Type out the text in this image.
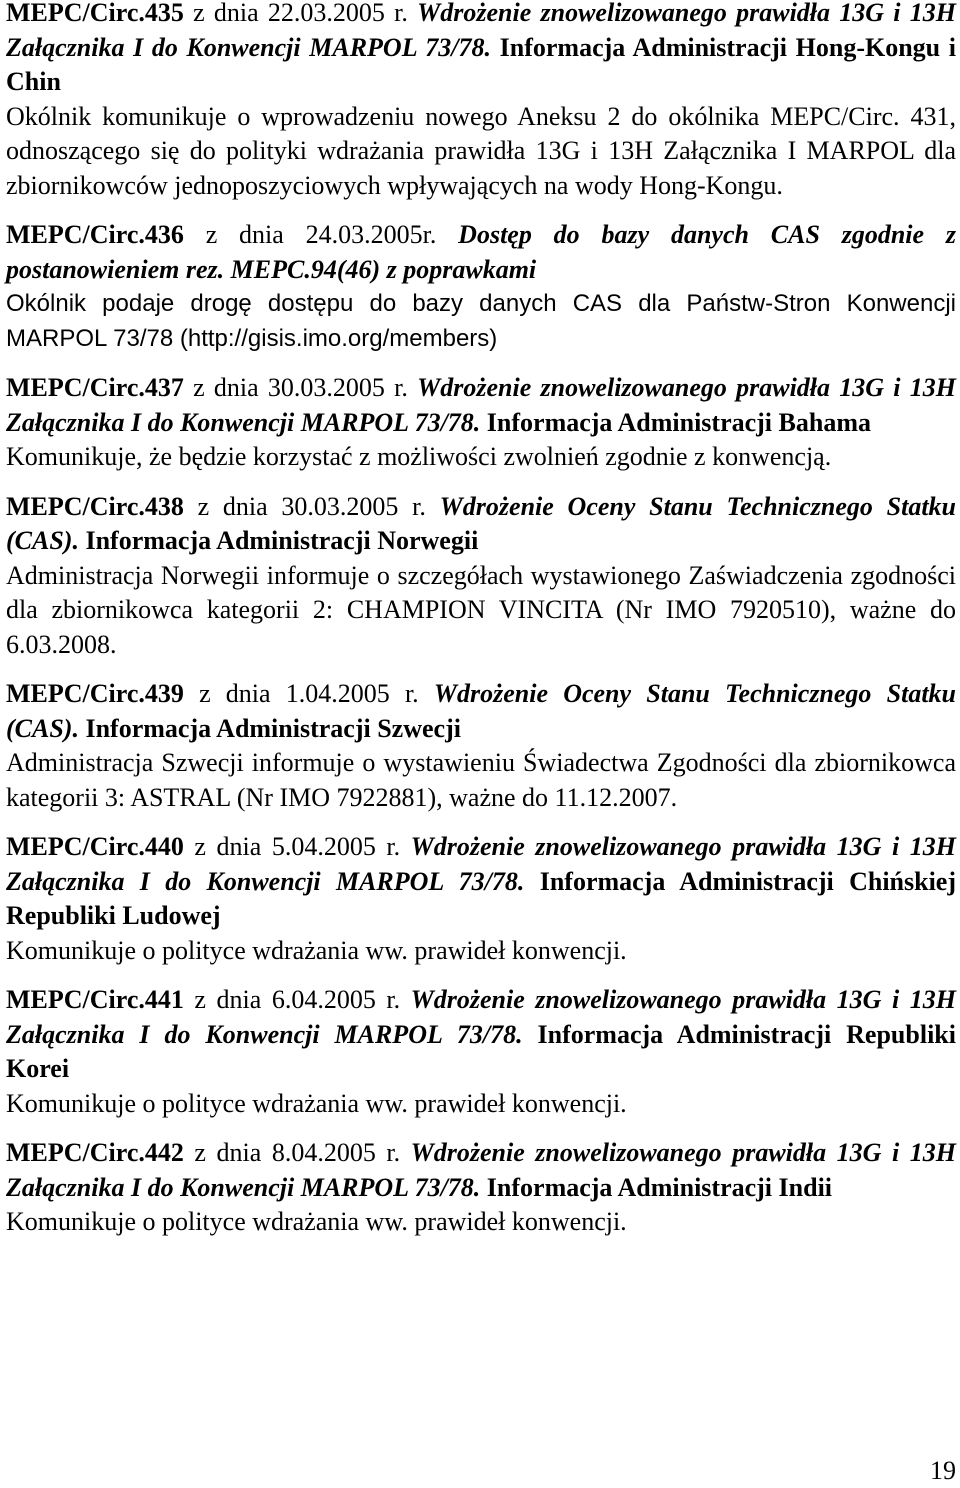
MEPC/Circ.435 z dnia 22.03.2005 r. Wdrożenie znowelizowanego prawidła 13G i 13H Załącznika I do Konwencji MARPOL 73/78. Informacja Administracji Hong-Kongu i Chin
Okólnik komunikuje o wprowadzeniu nowego Aneksu 2 do okólnika MEPC/Circ. 431, odnoszącego się do polityki wdrażania prawidła 13G i 13H Załącznika I MARPOL dla zbiornikowców jednoposzyciowych wpływających na wody Hong-Kongu.
MEPC/Circ.436 z dnia 24.03.2005r. Dostęp do bazy danych CAS zgodnie z postanowieniem rez. MEPC.94(46) z poprawkami
Okólnik podaje drogę dostępu do bazy danych CAS dla Państw-Stron Konwencji MARPOL 73/78 (http://gisis.imo.org/members)
MEPC/Circ.437 z dnia 30.03.2005 r. Wdrożenie znowelizowanego prawidła 13G i 13H Załącznika I do Konwencji MARPOL 73/78. Informacja Administracji Bahama
Komunikuje, że będzie korzystać z możliwości zwolnień zgodnie z konwencją.
MEPC/Circ.438 z dnia 30.03.2005 r. Wdrożenie Oceny Stanu Technicznego Statku (CAS). Informacja Administracji Norwegii
Administracja Norwegii informuje o szczegółach wystawionego Zaświadczenia zgodności dla zbiornikowca kategorii 2: CHAMPION VINCITA (Nr IMO 7920510), ważne do 6.03.2008.
MEPC/Circ.439 z dnia 1.04.2005 r. Wdrożenie Oceny Stanu Technicznego Statku (CAS). Informacja Administracji Szwecji
Administracja Szwecji informuje o wystawieniu Świadectwa Zgodności dla zbiornikowca kategorii 3: ASTRAL (Nr IMO 7922881), ważne do 11.12.2007.
MEPC/Circ.440 z dnia 5.04.2005 r. Wdrożenie znowelizowanego prawidła 13G i 13H Załącznika I do Konwencji MARPOL 73/78. Informacja Administracji Chińskiej Republiki Ludowej
Komunikuje o polityce wdrażania ww. prawideł konwencji.
MEPC/Circ.441 z dnia 6.04.2005 r. Wdrożenie znowelizowanego prawidła 13G i 13H Załącznika I do Konwencji MARPOL 73/78. Informacja Administracji Republiki Korei
Komunikuje o polityce wdrażania ww. prawideł konwencji.
MEPC/Circ.442 z dnia 8.04.2005 r. Wdrożenie znowelizowanego prawidła 13G i 13H Załącznika I do Konwencji MARPOL 73/78. Informacja Administracji Indii
Komunikuje o polityce wdrażania ww. prawideł konwencji.
19
